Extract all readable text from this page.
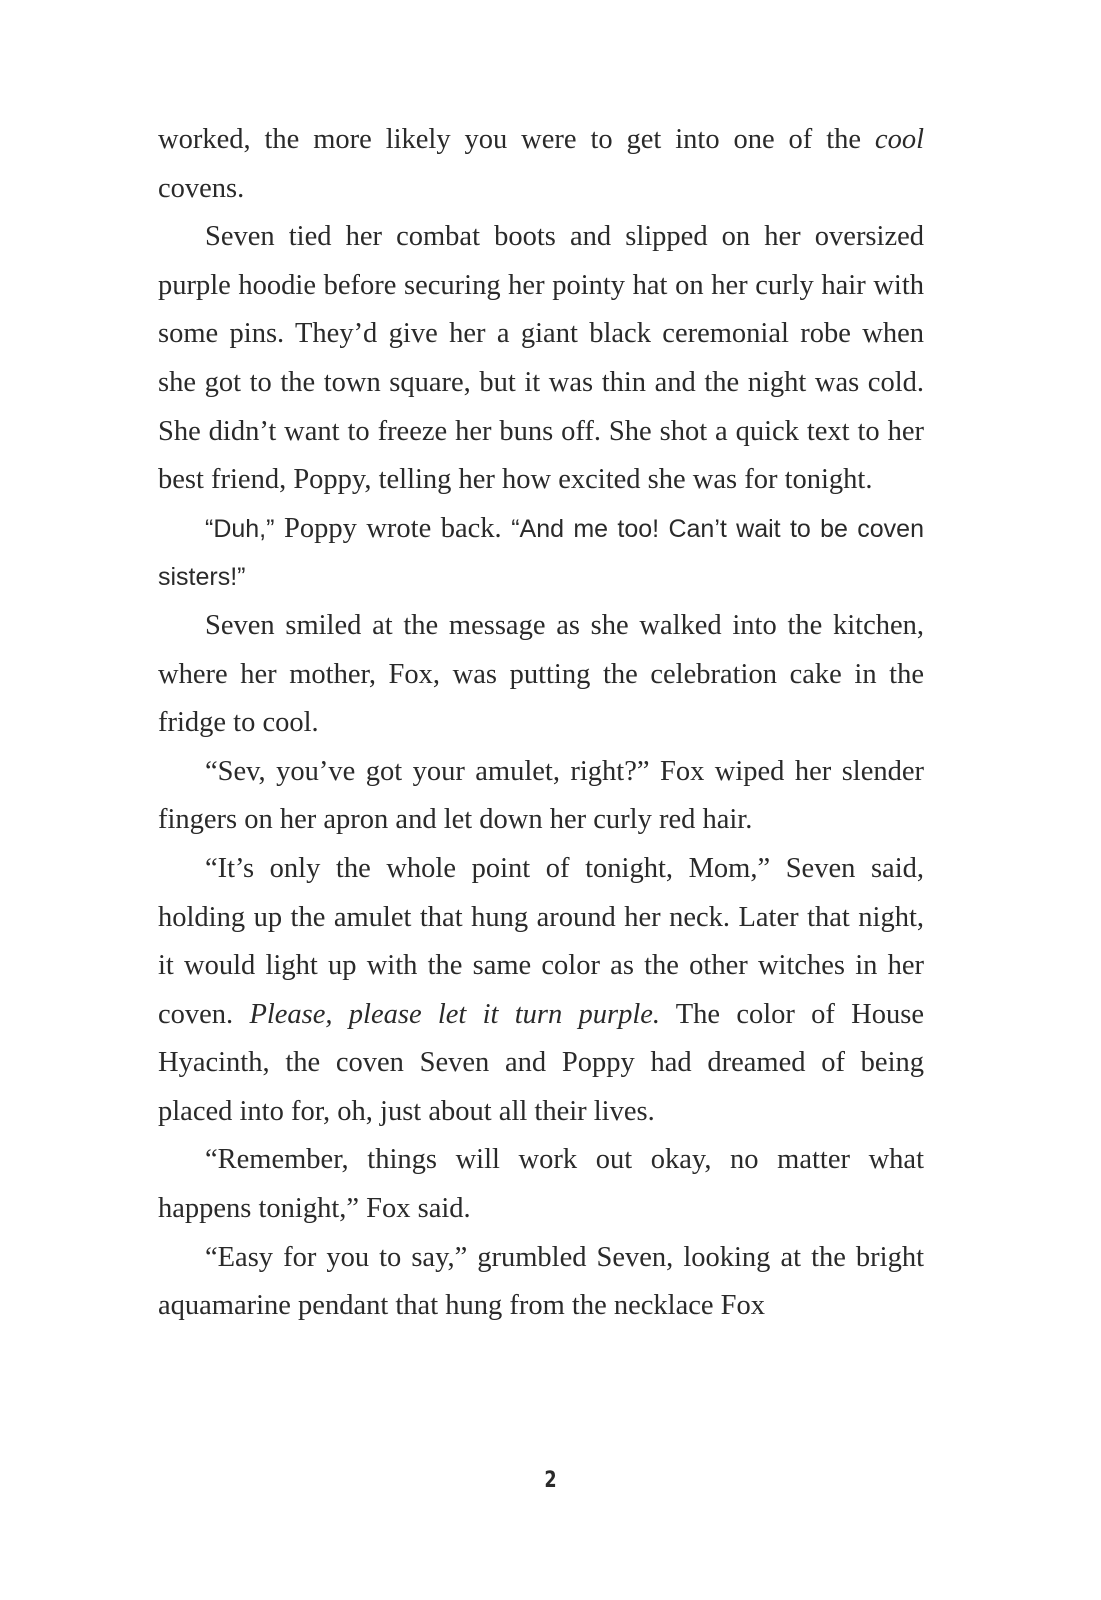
worked, the more likely you were to get into one of the cool covens.

Seven tied her combat boots and slipped on her oversized purple hoodie before securing her pointy hat on her curly hair with some pins. They’d give her a giant black ceremonial robe when she got to the town square, but it was thin and the night was cold. She didn’t want to freeze her buns off. She shot a quick text to her best friend, Poppy, telling her how excited she was for tonight.

“Duh,” Poppy wrote back. “And me too! Can’t wait to be coven sisters!”

Seven smiled at the message as she walked into the kitchen, where her mother, Fox, was putting the celebration cake in the fridge to cool.

“Sev, you’ve got your amulet, right?” Fox wiped her slender fingers on her apron and let down her curly red hair.

“It’s only the whole point of tonight, Mom,” Seven said, holding up the amulet that hung around her neck. Later that night, it would light up with the same color as the other witches in her coven. Please, please let it turn purple. The color of House Hyacinth, the coven Seven and Poppy had dreamed of being placed into for, oh, just about all their lives.

“Remember, things will work out okay, no matter what happens tonight,” Fox said.

“Easy for you to say,” grumbled Seven, looking at the bright aquamarine pendant that hung from the necklace Fox

2
